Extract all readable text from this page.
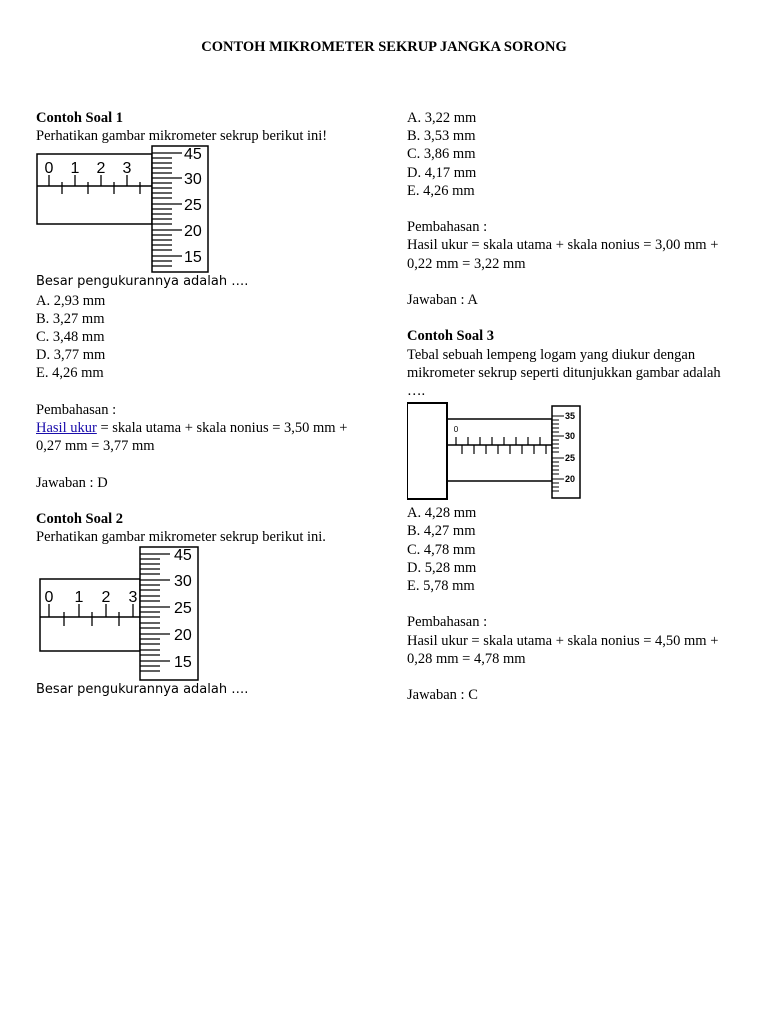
CONTOH MIKROMETER SEKRUP JANGKA SORONG
Contoh Soal 1
Perhatikan gambar mikrometer sekrup berikut ini!
0 1 2 3
45
30
25
20
15
Besar pengukurannya adalah ….
A. 2,93 mm
B. 3,27 mm
C. 3,48 mm
D. 3,77 mm
E. 4,26 mm
Pembahasan :
Hasil ukur = skala utama + skala nonius = 3,50 mm +
0,27 mm = 3,77 mm
Jawaban : D
Contoh Soal 2
Perhatikan gambar mikrometer sekrup berikut ini.
0 1 2 3
45
30
25
20
15
Besar pengukurannya adalah ….
A. 3,22 mm
B. 3,53 mm
C. 3,86 mm
D. 4,17 mm
E. 4,26 mm
Pembahasan :
Hasil ukur = skala utama + skala nonius = 3,00 mm +
0,22 mm = 3,22 mm
Jawaban : A
Contoh Soal 3
Tebal sebuah lempeng logam yang diukur dengan
mikrometer sekrup seperti ditunjukkan gambar adalah
….
0
35
30
25
20
A. 4,28 mm
B. 4,27 mm
C. 4,78 mm
D. 5,28 mm
E. 5,78 mm
Pembahasan :
Hasil ukur = skala utama + skala nonius = 4,50 mm +
0,28 mm = 4,78 mm
Jawaban : C
